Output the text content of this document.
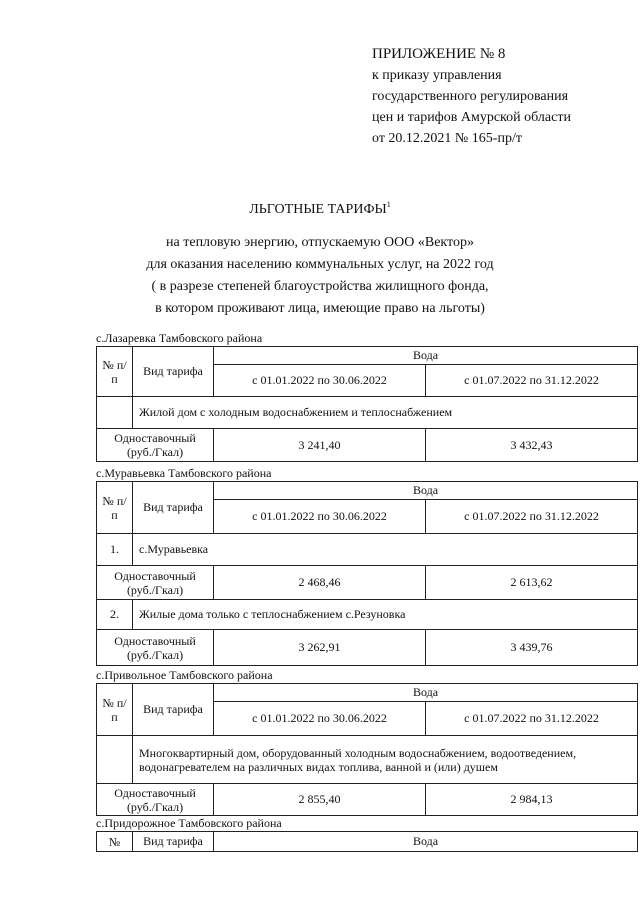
ПРИЛОЖЕНИЕ № 8
к приказу управления
государственного регулирования
цен и тарифов Амурской области
от 20.12.2021 № 165-пр/т
ЛЬГОТНЫЕ ТАРИФЫ$^1$
на тепловую энергию, отпускаемую ООО «Вектор»
для оказания населению коммунальных услуг, на 2022 год
( в разрезе степеней благоустройства жилищного фонда,
в котором проживают лица, имеющие право на льготы)
с.Лазаревка Тамбовского района
№ п/п	Вид тарифа	Вода	
		с 01.01.2022 по 30.06.2022	с 01.07.2022 по 31.12.2022
	Жилой дом с холодным водоснабжением и теплоснабжением		
Одноставочный (руб./Гкал)		3 241,40	3 432,43
с.Муравьевка Тамбовского района
№ п/п	Вид тарифа	Вода	
		с 01.01.2022 по 30.06.2022	с 01.07.2022 по 31.12.2022
1.	с.Муравьевка		
Одноставочный (руб./Гкал)		2 468,46	2 613,62
2.	Жилые дома только с теплоснабжением с.Резуновка		
Одноставочный (руб./Гкал)		3 262,91	3 439,76
с.Привольное Тамбовского района
№ п/п	Вид тарифа	Вода	
		с 01.01.2022 по 30.06.2022	с 01.07.2022 по 31.12.2022
	Многоквартирный дом, оборудованный холодным водоснабжением, водоотведением, водонагревателем на различных видах топлива, ванной и (или) душем		
Одноставочный (руб./Гкал)		2 855,40	2 984,13
с.Придорожное Тамбовского района
№	Вид тарифа	Вода
